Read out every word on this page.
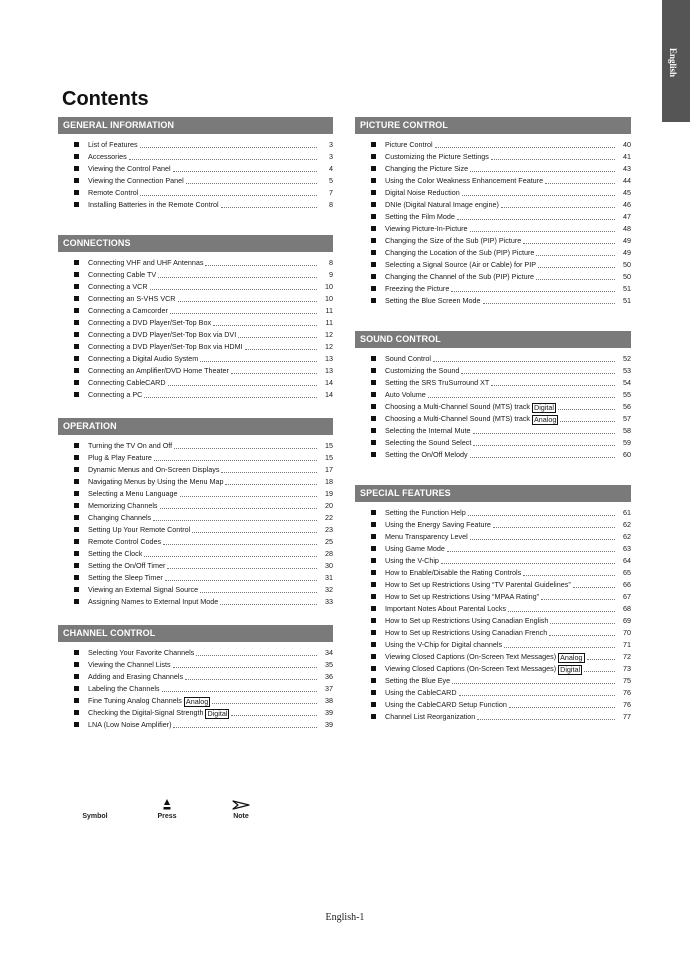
English
Contents
GENERAL INFORMATION
List of Features	3
Accessories	3
Viewing the Control Panel	4
Viewing the Connection Panel	5
Remote Control	7
Installing Batteries in the Remote Control	8
CONNECTIONS
Connecting VHF and UHF Antennas	8
Connecting Cable TV	9
Connecting a VCR	10
Connecting an S-VHS VCR	10
Connecting a Camcorder	11
Connecting a DVD Player/Set-Top Box	11
Connecting a DVD Player/Set-Top Box via DVI	12
Connecting a DVD Player/Set-Top Box via HDMI	12
Connecting a Digital Audio System	13
Connecting an Amplifier/DVD Home Theater	13
Connecting CableCARD	14
Connecting a PC	14
OPERATION
Turning the TV On and Off	15
Plug & Play Feature	15
Dynamic Menus and On-Screen Displays	17
Navigating Menus by Using the Menu Map	18
Selecting a Menu Language	19
Memorizing Channels	20
Changing Channels	22
Setting Up Your Remote Control	23
Remote Control Codes	25
Setting the Clock	28
Setting the On/Off Timer	30
Setting the Sleep Timer	31
Viewing an External Signal Source	32
Assigning Names to External Input Mode	33
CHANNEL CONTROL
Selecting Your Favorite Channels	34
Viewing the Channel Lists	35
Adding and Erasing Channels	36
Labeling the Channels	37
Fine Tuning Analog Channels Analog	38
Checking the Digital-Signal Strength Digital	39
LNA (Low Noise Amplifier)	39
PICTURE CONTROL
Picture Control	40
Customizing the Picture Settings	41
Changing the Picture Size	43
Using the Color Weakness Enhancement Feature	44
Digital Noise Reduction	45
DNIe (Digital Natural Image engine)	46
Setting the Film Mode	47
Viewing Picture-In-Picture	48
Changing the Size of the Sub (PIP) Picture	49
Changing the Location of the Sub (PIP) Picture	49
Selecting a Signal Source (Air or Cable) for PIP	50
Changing the Channel of the Sub (PIP) Picture	50
Freezing the Picture	51
Setting the Blue Screen Mode	51
SOUND CONTROL
Sound Control	52
Customizing the Sound	53
Setting the SRS TruSurround XT	54
Auto Volume	55
Choosing a Multi-Channel Sound (MTS) track Digital	56
Choosing a Multi-Channel Sound (MTS) track Analog	57
Selecting the Internal Mute	58
Selecting the Sound Select	59
Setting the On/Off Melody	60
SPECIAL FEATURES
Setting the Function Help	61
Using the Energy Saving Feature	62
Menu Transparency Level	62
Using Game Mode	63
Using the V-Chip	64
How to Enable/Disable the Rating Controls	65
How to Set up Restrictions Using “TV Parental Guidelines”	66
How to Set up Restrictions Using “MPAA Rating”	67
Important Notes About Parental Locks	68
How to Set up Restrictions Using Canadian English	69
How to Set up Restrictions Using Canadian French	70
Using the V-Chip for Digital channels	71
Viewing Closed Captions (On-Screen Text Messages) Analog	72
Viewing Closed Captions (On-Screen Text Messages) Digital	73
Setting the Blue Eye	75
Using the CableCARD	76
Using the CableCARD Setup Function	76
Channel List Reorganization	77
Symbol	Press	Note
English-1
